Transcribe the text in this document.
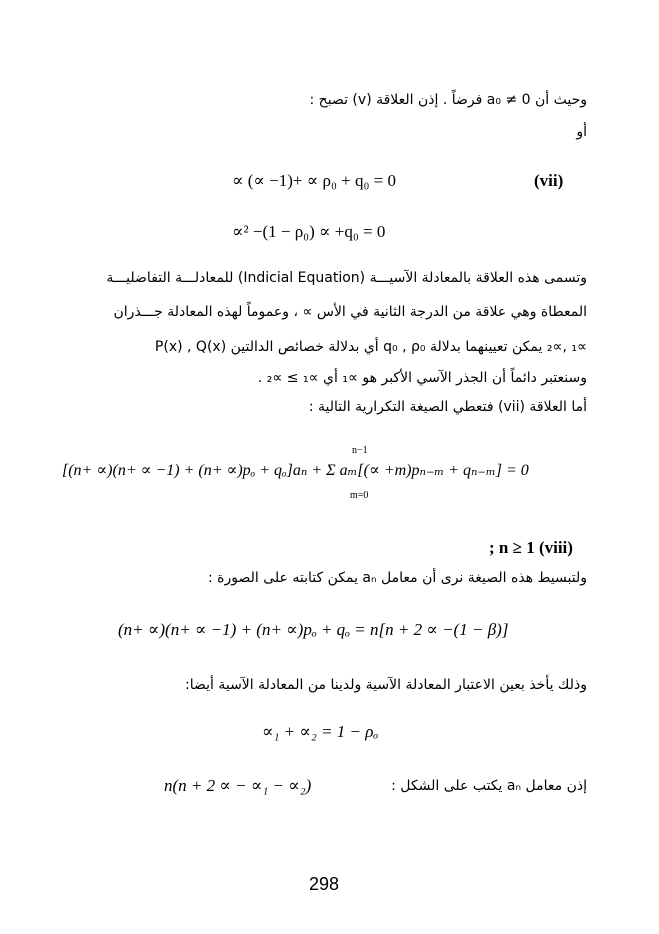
وحيث أن a₀ ≠ 0 فرضاً . إذن العلاقة (v) تصبح :
أو
∝ (∝ −1)+ ∝ ρ₀ + q₀ = 0	(vii)
∝² −(1 − ρ₀) ∝ +q₀ = 0
وتسمى هذه العلاقة بالمعادلة الآسيـــة (Indicial Equation) للمعادلـــة التفاضليـــة
المعطاة وهي علاقة من الدرجة الثانية في الأس ∝ ، وعموماً لهذه المعادلة جـــذران
∝₁ ,∝₂ يمكن تعيينهما بدلالة q₀ , ρ₀ أي بدلالة خصائص الدالتين P(x) , Q(x)
وسنعتبر دائماً أن الجذر الآسي الأكبر هو ∝₁ أي ∝₁ ≥ ∝₂ .
أما العلاقة (vii) فتعطي الصيغة التكرارية التالية :
n−1
[(n+ ∝)(n+ ∝ −1) + (n+ ∝)pₒ + qₒ]aₙ + Σ aₘ[(∝ +m)pₙ₋ₘ + qₙ₋ₘ] = 0
m=0
; n ≥ 1 (viii)
ولتبسيط هذه الصيغة نرى أن معامل aₙ يمكن كتابته على الصورة :
(n+ ∝)(n+ ∝ −1) + (n+ ∝)pₒ + qₒ = n[n + 2 ∝ −(1 − β)]
وذلك يأخذ بعين الاعتبار المعادلة الآسية ولدينا من المعادلة الآسية أيضا:
∝₁ + ∝₂ = 1 − ρₒ
n(n + 2 ∝ − ∝₁ − ∝₂)	إذن معامل aₙ يكتب على الشكل :
298
